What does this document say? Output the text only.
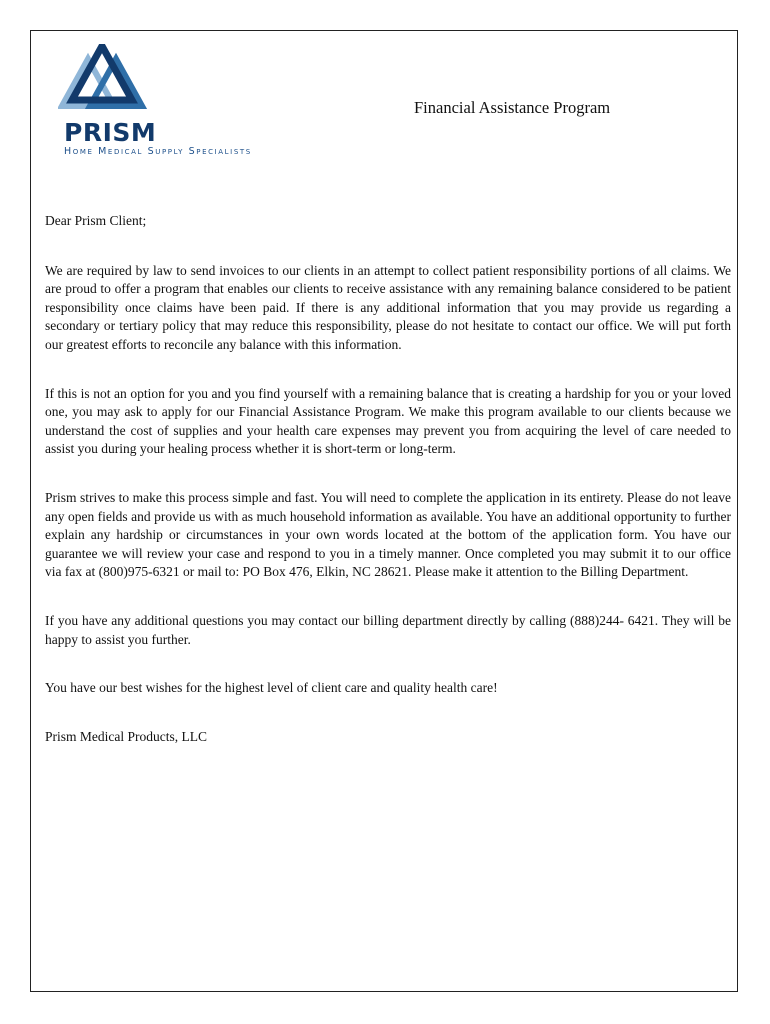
PRISM
Home Medical Supply Specialists
Financial Assistance Program

Dear Prism Client;

We are required by law to send invoices to our clients in an attempt to collect patient responsibility portions of all claims. We are proud to offer a program that enables our clients to receive assistance with any remaining balance considered to be patient responsibility once claims have been paid. If there is any additional information that you may provide us regarding a secondary or tertiary policy that may reduce this responsibility, please do not hesitate to contact our office. We will put forth our greatest efforts to reconcile any balance with this information.

If this is not an option for you and you find yourself with a remaining balance that is creating a hardship for you or your loved one, you may ask to apply for our Financial Assistance Program. We make this program available to our clients because we understand the cost of supplies and your health care expenses may prevent you from acquiring the level of care needed to assist you during your healing process whether it is short-term or long-term.

Prism strives to make this process simple and fast. You will need to complete the application in its entirety. Please do not leave any open fields and provide us with as much household information as available. You have an additional opportunity to further explain any hardship or circumstances in your own words located at the bottom of the application form. You have our guarantee we will review your case and respond to you in a timely manner. Once completed you may submit it to our office via fax at (800)975-6321 or mail to: PO Box 476, Elkin, NC 28621. Please make it attention to the Billing Department.

If you have any additional questions you may contact our billing department directly by calling (888)244- 6421. They will be happy to assist you further.

You have our best wishes for the highest level of client care and quality health care!

Prism Medical Products, LLC
